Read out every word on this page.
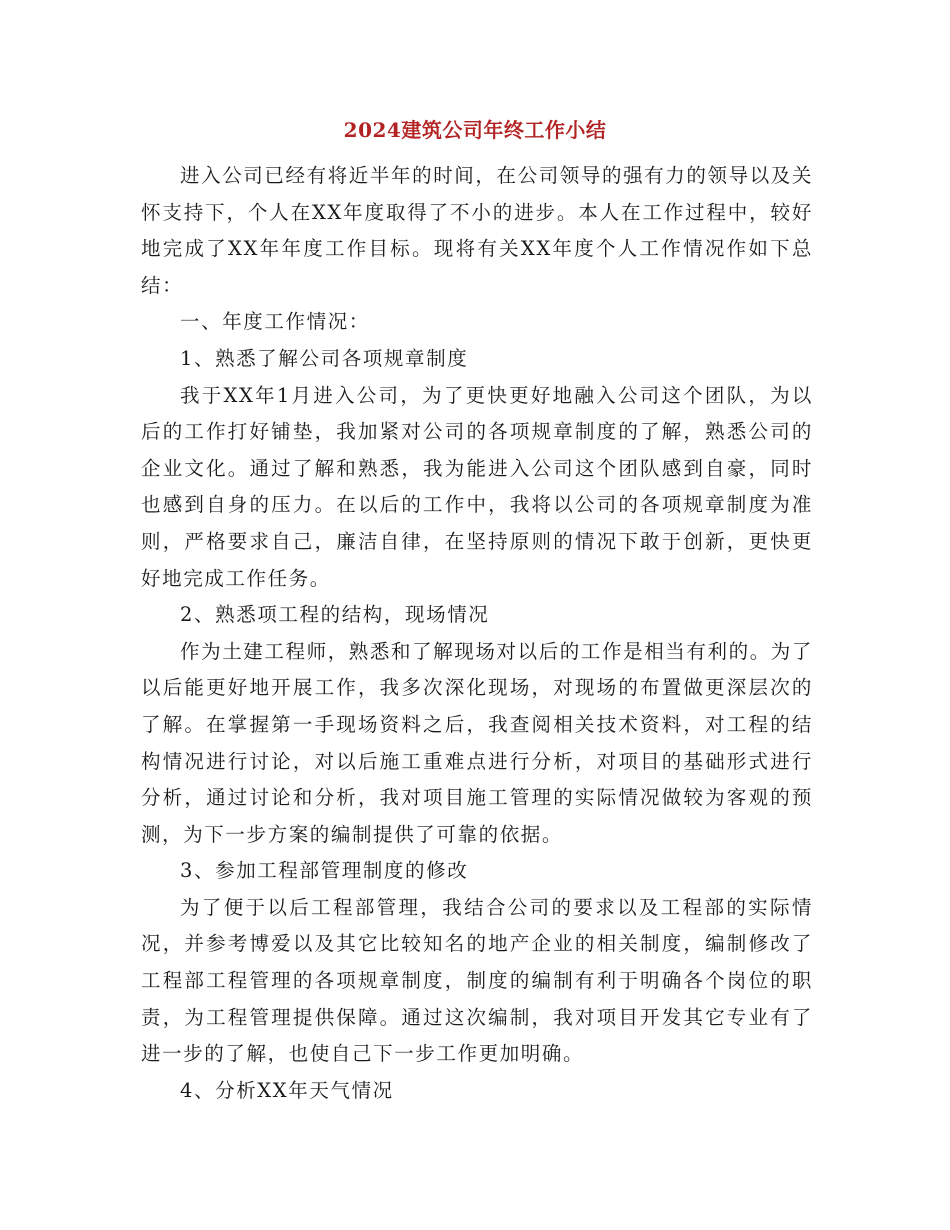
2024建筑公司年终工作小结

进入公司已经有将近半年的时间，在公司领导的强有力的领导以及关怀支持下，个人在XX年度取得了不小的进步。本人在工作过程中，较好地完成了XX年年度工作目标。现将有关XX年度个人工作情况作如下总结：

一、年度工作情况：

1、熟悉了解公司各项规章制度

我于XX年1月进入公司，为了更快更好地融入公司这个团队，为以后的工作打好铺垫，我加紧对公司的各项规章制度的了解，熟悉公司的企业文化。通过了解和熟悉，我为能进入公司这个团队感到自豪，同时也感到自身的压力。在以后的工作中，我将以公司的各项规章制度为准则，严格要求自己，廉洁自律，在坚持原则的情况下敢于创新，更快更好地完成工作任务。

2、熟悉项工程的结构，现场情况

作为土建工程师，熟悉和了解现场对以后的工作是相当有利的。为了以后能更好地开展工作，我多次深化现场，对现场的布置做更深层次的了解。在掌握第一手现场资料之后，我查阅相关技术资料，对工程的结构情况进行讨论，对以后施工重难点进行分析，对项目的基础形式进行分析，通过讨论和分析，我对项目施工管理的实际情况做较为客观的预测，为下一步方案的编制提供了可靠的依据。

3、参加工程部管理制度的修改

为了便于以后工程部管理，我结合公司的要求以及工程部的实际情况，并参考博爱以及其它比较知名的地产企业的相关制度，编制修改了工程部工程管理的各项规章制度，制度的编制有利于明确各个岗位的职责，为工程管理提供保障。通过这次编制，我对项目开发其它专业有了进一步的了解，也使自己下一步工作更加明确。

4、分析XX年天气情况
